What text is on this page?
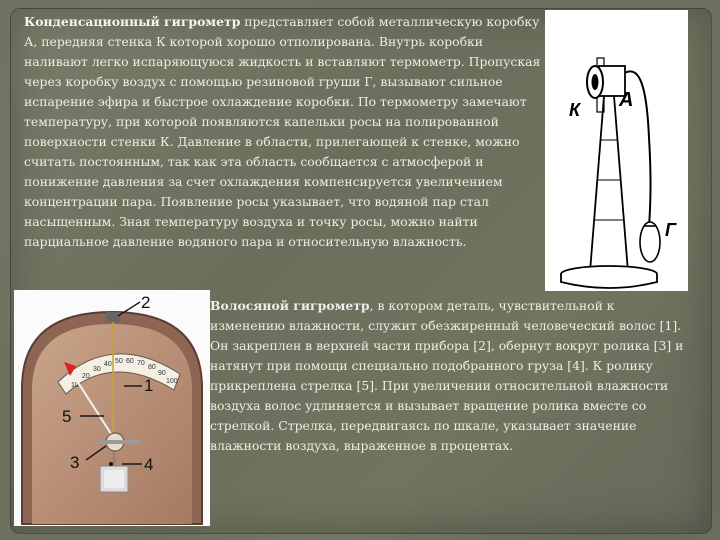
Конденсационный гигрометр представляет собой металлическую коробку А, передняя стенка К которой хорошо отполирована. Внутрь коробки наливают легко испаряющуюся жидкость и вставляют термометр. Пропуская через коробку воздух с помощью резиновой груши Г, вызывают сильное испарение эфира и быстрое охлаждение коробки. По термометру замечают температуру, при которой появляются капельки росы на полированной поверхности стенки К. Давление в области, прилегающей к стенке, можно считать постоянным, так как эта область сообщается с атмосферой и понижение давления за счет охлаждения компенсируется увеличением концентрации пара. Появление росы указывает, что водяной пар стал насыщенным. Зная температуру воздуха и точку росы, можно найти парциальное давление водяного пара и относительную влажность.

А
К
Г
10
20
30
40 50 60 70
80
90
100
2
1
5
3	4

Волосяной гигрометр, в котором деталь, чувствительной к изменению влажности, служит обезжиренный человеческий волос [1]. Он закреплен в верхней части прибора [2], обернут вокруг ролика [3] и натянут при помощи специально подобранного груза [4]. К ролику прикреплена стрелка [5]. При увеличении относительной влажности воздуха волос удлиняется и вызывает вращение ролика вместе со стрелкой. Стрелка, передвигаясь по шкале, указывает значение влажности воздуха, выраженное в процентах.
